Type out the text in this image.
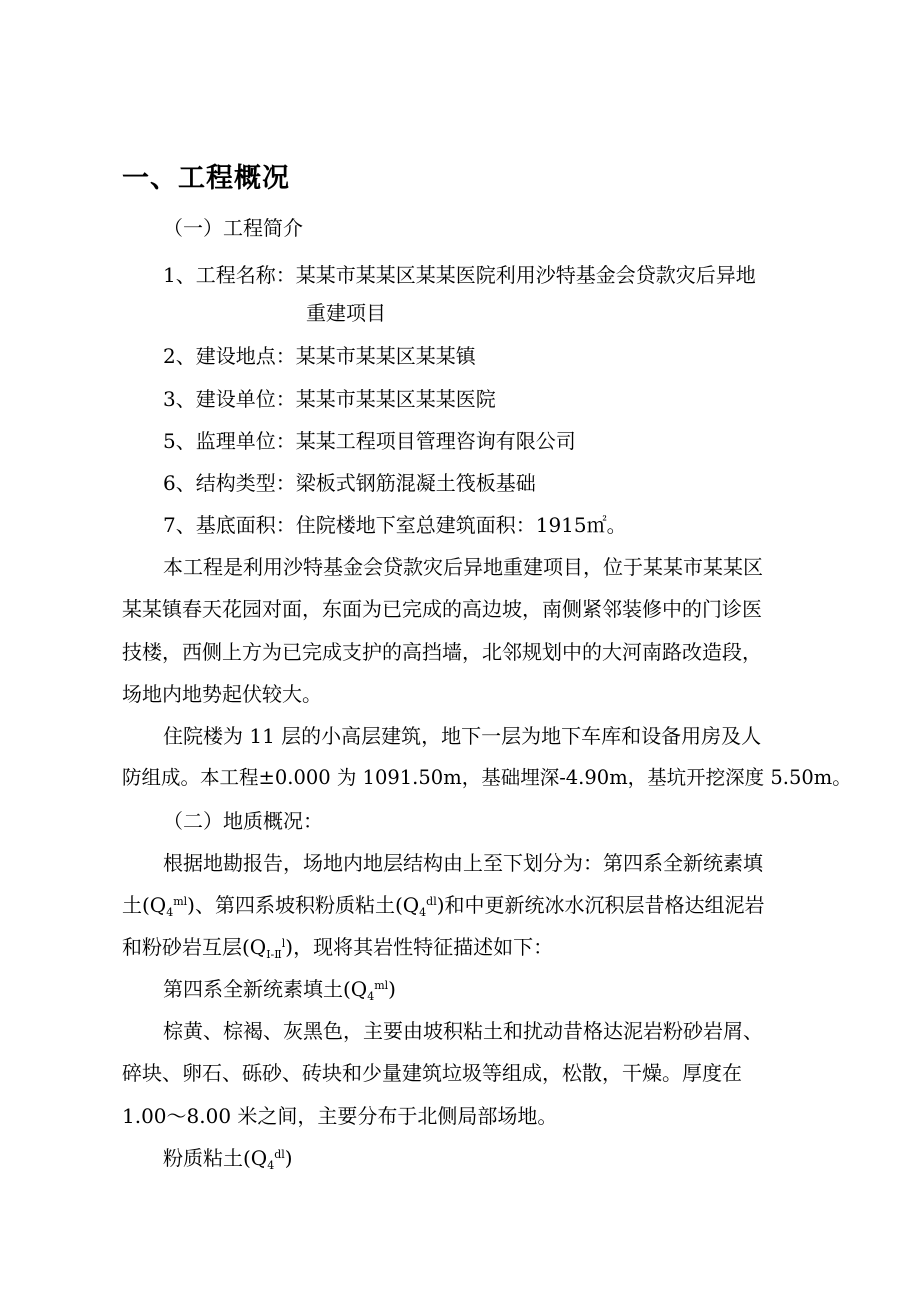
一、工程概况
（一）工程简介
1、工程名称：某某市某某区某某医院利用沙特基金会贷款灾后异地
重建项目
2、建设地点：某某市某某区某某镇
3、建设单位：某某市某某区某某医院
5、监理单位：某某工程项目管理咨询有限公司
6、结构类型：梁板式钢筋混凝土筏板基础
7、基底面积：住院楼地下室总建筑面积：1915㎡。
本工程是利用沙特基金会贷款灾后异地重建项目，位于某某市某某区
某某镇春天花园对面，东面为已完成的高边坡，南侧紧邻装修中的门诊医
技楼，西侧上方为已完成支护的高挡墙，北邻规划中的大河南路改造段，
场地内地势起伏较大。
住院楼为 11 层的小高层建筑，地下一层为地下车库和设备用房及人
防组成。本工程±0.000 为 1091.50m，基础埋深-4.90m，基坑开挖深度 5.50m。
（二）地质概况：
根据地勘报告，场地内地层结构由上至下划分为：第四系全新统素填
土$(Q_4^{ml})$、第四系坡积粉质粘土$(Q_4^{dl})$和中更新统冰水沉积层昔格达组泥岩
和粉砂岩互层$(Q_{Ⅰ-Ⅱ}^l)$，现将其岩性特征描述如下：
第四系全新统素填土$(Q_4^{ml})$
棕黄、棕褐、灰黑色，主要由坡积粘土和扰动昔格达泥岩粉砂岩屑、
碎块、卵石、砾砂、砖块和少量建筑垃圾等组成，松散，干燥。厚度在
1.00～8.00 米之间，主要分布于北侧局部场地。
粉质粘土$(Q_4^{dl})$
